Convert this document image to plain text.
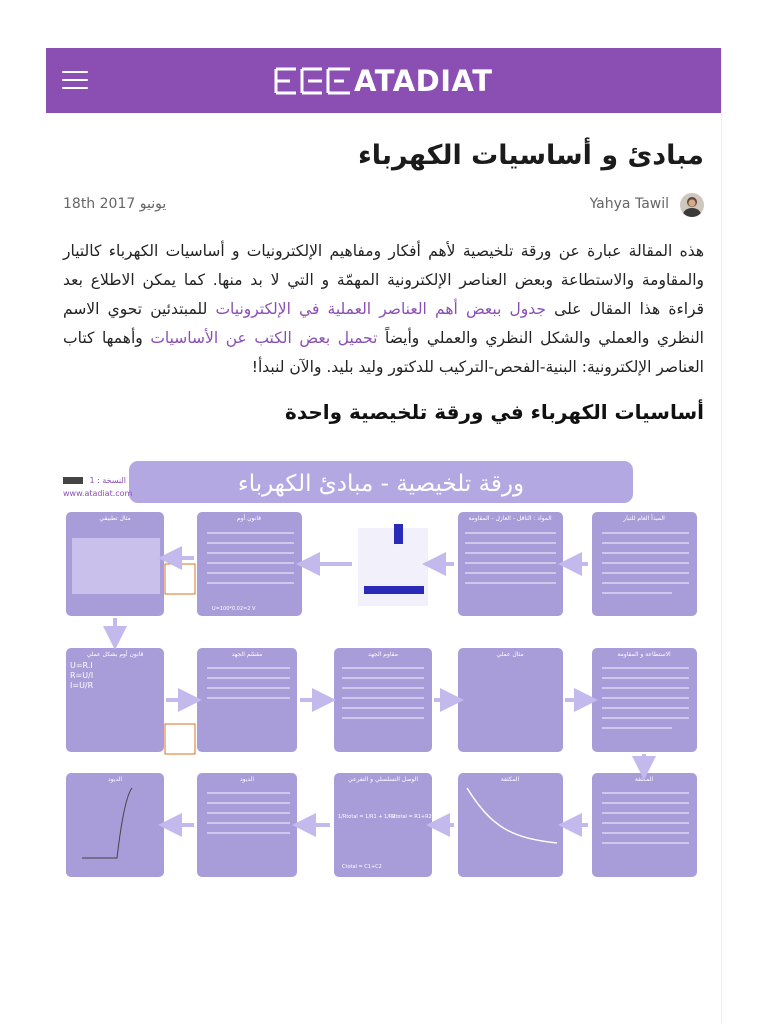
ATADIAT
مبادئ و أساسيات الكهرباء
18th يونيو 2017	Yahya Tawil

هذه المقالة عبارة عن ورقة تلخيصية لأهم أفكار ومفاهيم الإلكترونيات و أساسيات الكهرباء كالتيار والمقاومة والاستطاعة وبعض العناصر الإلكترونية المهمّة و التي لا بد منها. كما يمكن الاطلاع بعد قراءة هذا المقال على جدول ببعض أهم العناصر العملية في الإلكترونيات للمبتدئين تحوي الاسم النظري والعملي والشكل النظري والعملي وأيضاً تحميل بعض الكتب عن الأساسيات وأهمها كتاب العناصر الإلكترونية: البنية-الفحص-التركيب للدكتور وليد بليد. والآن لنبدأ!

أساسيات الكهرباء في ورقة تلخيصية واحدة
ورقة تلخيصية - مبادئ الكهرباء
النسخة : 1
www.atadiat.com
المبدأ العام للتيار
المواد : الناقل - العازل - المقاومة
قانون أوم
مثال تطبيقي
الاستطاعة و المقاومة
مثال عملي
مقاوم الجهد
مقسّم الجهد
قانون أوم بشكل عملي
المكثفة
المكثفة
الوصل التسلسلي و التفرعي
الديود
الديود
U=R.I
R=U/I
I=U/R
U=100*0.02=2 V
1/Rtotal = 1/R1 + 1/R2
Rtotal = R1+R2
Ctotal = C1+C2
